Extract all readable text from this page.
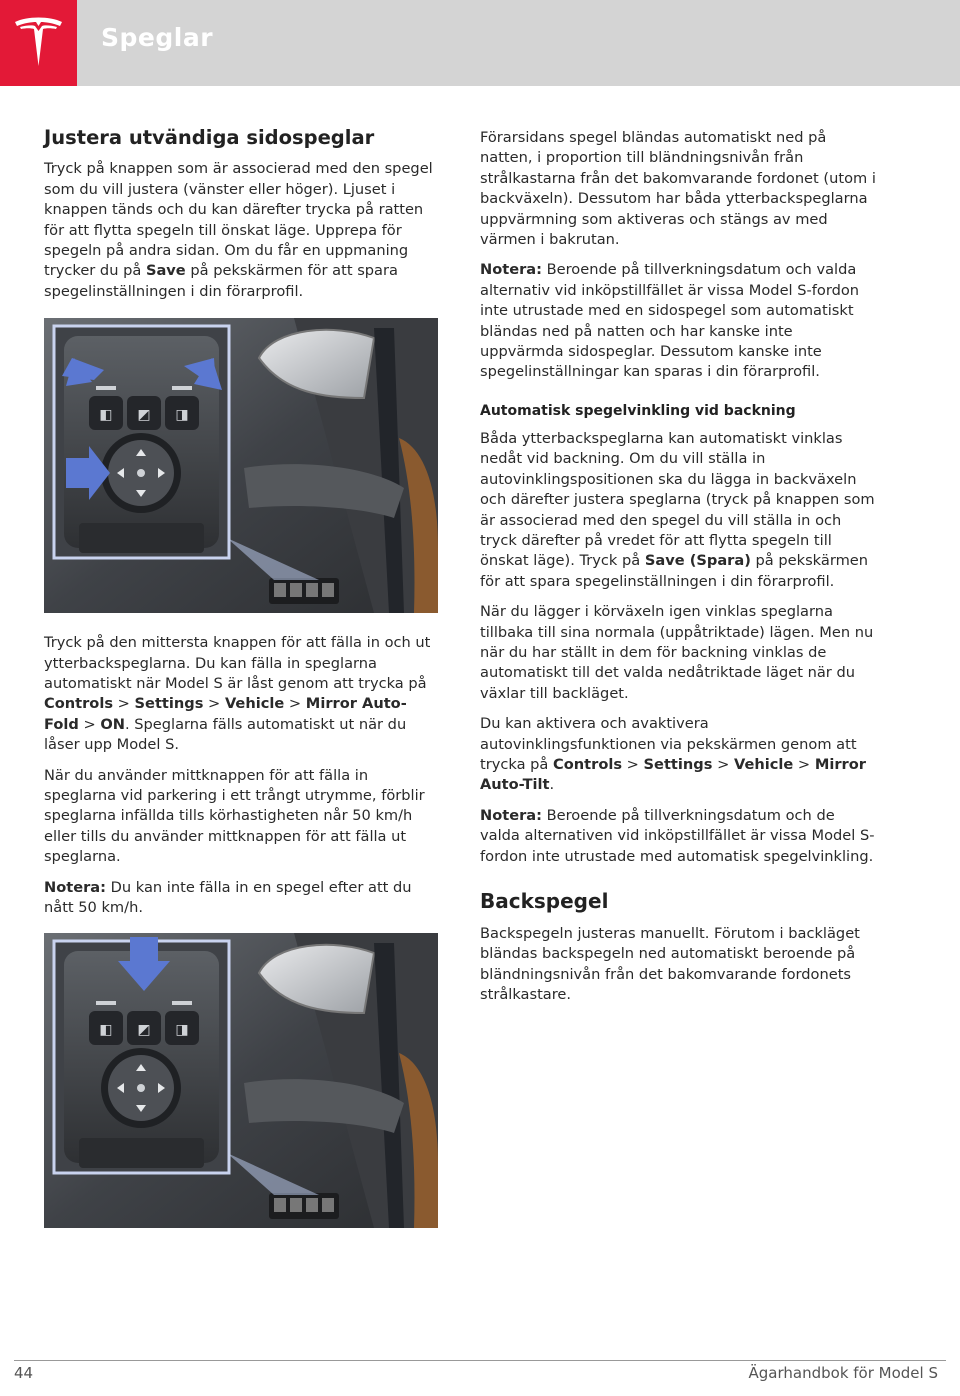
Speglar
Justera utvändiga sidospeglar

Tryck på knappen som är associerad med den spegel som du vill justera (vänster eller höger). Ljuset i knappen tänds och du kan därefter trycka på ratten för att flytta spegeln till önskat läge. Upprepa för spegeln på andra sidan. Om du får en uppmaning trycker du på Save på pekskärmen för att spara spegelinställningen i din förarprofil.

◧ ◩ ◨

Tryck på den mittersta knappen för att fälla in och ut ytterbackspeglarna. Du kan fälla in speglarna automatiskt när Model S är låst genom att trycka på Controls > Settings > Vehicle > Mirror Auto-Fold > ON. Speglarna fälls automatiskt ut när du låser upp Model S.

När du använder mittknappen för att fälla in speglarna vid parkering i ett trångt utrymme, förblir speglarna infällda tills körhastigheten når 50 km/h eller tills du använder mittknappen för att fälla ut speglarna.

Notera: Du kan inte fälla in en spegel efter att du nått 50 km/h.

◧ ◩ ◨

Förarsidans spegel bländas automatiskt ned på natten, i proportion till bländningsnivån från strålkastarna från det bakomvarande fordonet (utom i backväxeln). Dessutom har båda ytterbackspeglarna uppvärmning som aktiveras och stängs av med värmen i bakrutan.

Notera: Beroende på tillverkningsdatum och valda alternativ vid inköpstillfället är vissa Model S-fordon inte utrustade med en sidospegel som automatiskt bländas ned på natten och har kanske inte uppvärmda sidospeglar. Dessutom kanske inte spegelinställningar kan sparas i din förarprofil.

Automatisk spegelvinkling vid backning

Båda ytterbackspeglarna kan automatiskt vinklas nedåt vid backning. Om du vill ställa in autovinklingspositionen ska du lägga in backväxeln och därefter justera speglarna (tryck på knappen som är associerad med den spegel du vill ställa in och tryck därefter på vredet för att flytta spegeln till önskat läge). Tryck på Save (Spara) på pekskärmen för att spara spegelinställningen i din förarprofil.

När du lägger i körväxeln igen vinklas speglarna tillbaka till sina normala (uppåtriktade) lägen. Men nu när du har ställt in dem för backning vinklas de automatiskt till det valda nedåtriktade läget när du växlar till backläget.

Du kan aktivera och avaktivera autovinklingsfunktionen via pekskärmen genom att trycka på Controls > Settings > Vehicle > Mirror Auto-Tilt.

Notera: Beroende på tillverkningsdatum och de valda alternativen vid inköpstillfället är vissa Model S-fordon inte utrustade med automatisk spegelvinkling.

Backspegel

Backspegeln justeras manuellt. Förutom i backläget bländas backspegeln ned automatiskt beroende på bländningsnivån från det bakomvarande fordonets strålkastare.

44	Ägarhandbok för Model S
